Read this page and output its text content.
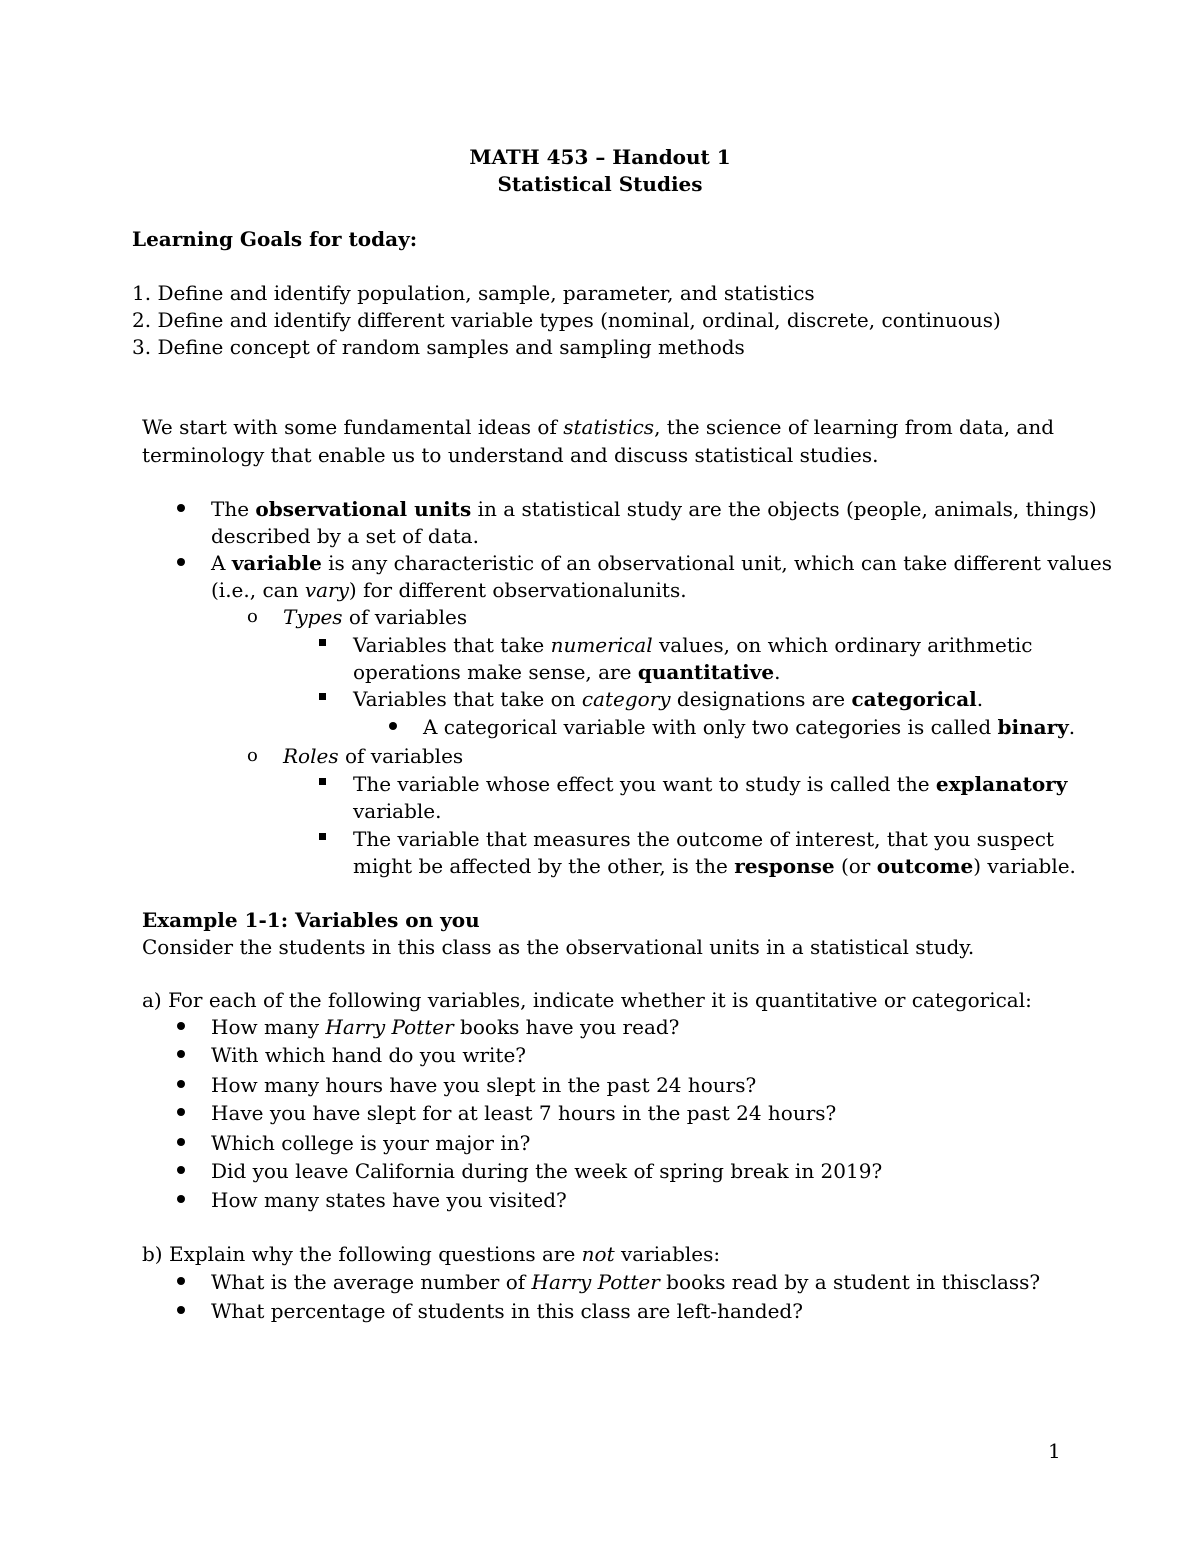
MATH 453 – Handout 1
Statistical Studies
Learning Goals for today:
1. Define and identify population, sample, parameter, and statistics
2. Define and identify different variable types (nominal, ordinal, discrete, continuous)
3. Define concept of random samples and sampling methods
We start with some fundamental ideas of statistics, the science of learning from data, and
terminology that enable us to understand and discuss statistical studies.
The observational units in a statistical study are the objects (people, animals, things)
described by a set of data.
A variable is any characteristic of an observational unit, which can take different values
(i.e., can vary) for different observationalunits.
o Types of variables
Variables that take numerical values, on which ordinary arithmetic
operations make sense, are quantitative.
Variables that take on category designations are categorical.
A categorical variable with only two categories is called binary.
o Roles of variables
The variable whose effect you want to study is called the explanatory
variable.
The variable that measures the outcome of interest, that you suspect
might be affected by the other, is the response (or outcome) variable.
Example 1-1: Variables on you
Consider the students in this class as the observational units in a statistical study.
a) For each of the following variables, indicate whether it is quantitative or categorical:
How many Harry Potter books have you read?
With which hand do you write?
How many hours have you slept in the past 24 hours?
Have you have slept for at least 7 hours in the past 24 hours?
Which college is your major in?
Did you leave California during the week of spring break in 2019?
How many states have you visited?
b) Explain why the following questions are not variables:
What is the average number of Harry Potter books read by a student in thisclass?
What percentage of students in this class are left-handed?
1
